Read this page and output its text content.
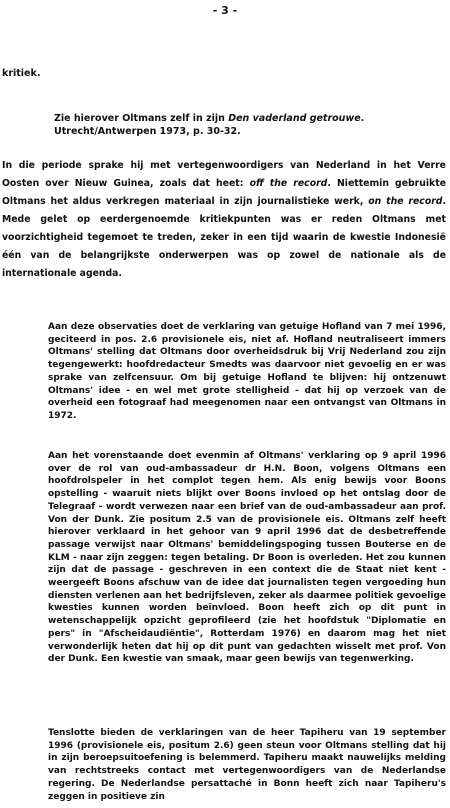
- 3 -
kritiek.
Zie hierover Oltmans zelf in zijn Den vaderland getrouwe. Utrecht/Antwerpen 1973, p. 30-32.
In die periode sprake hij met vertegenwoordigers van Nederland in het Verre Oosten over Nieuw Guinea, zoals dat heet: off the record. Niettemin gebruikte Oltmans het aldus verkregen materiaal in zijn journalistieke werk, on the record. Mede gelet op eerdergenoemde kritiekpunten was er reden Oltmans met voorzichtigheid tegemoet te treden, zeker in een tijd waarin de kwestie Indonesië één van de belangrijkste onderwerpen was op zowel de nationale als de internationale agenda.
Aan deze observaties doet de verklaring van getuige Hofland van 7 mei 1996, geciteerd in pos. 2.6 provisionele eis, niet af. Hofland neutraliseert immers Oltmans' stelling dat Oltmans door overheidsdruk bij Vrij Nederland zou zijn tegengewerkt: hoofdredacteur Smedts was daarvoor niet gevoelig en er was sprake van zelfcensuur. Om bij getuige Hofland te blijven: hij ontzenuwt Oltmans' idee - en wel met grote stelligheid - dat hij op verzoek van de overheid een fotograaf had meegenomen naar een ontvangst van Oltmans in 1972.
Aan het vorenstaande doet evenmin af Oltmans' verklaring op 9 april 1996 over de rol van oud-ambassadeur dr H.N. Boon, volgens Oltmans een hoofdrolspeler in het complot tegen hem. Als enig bewijs voor Boons opstelling - waaruit niets blijkt over Boons invloed op het ontslag door de Telegraaf - wordt verwezen naar een brief van de oud-ambassadeur aan prof. Von der Dunk. Zie positum 2.5 van de provisionele eis. Oltmans zelf heeft hierover verklaard in het gehoor van 9 april 1996 dat de desbetreffende passage verwijst naar Oltmans' bemiddelingspoging tussen Bouterse en de KLM - naar zijn zeggen: tegen betaling. Dr Boon is overleden. Het zou kunnen zijn dat de passage - geschreven in een context die de Staat niet kent - weergeeft Boons afschuw van de idee dat journalisten tegen vergoeding hun diensten verlenen aan het bedrijfsleven, zeker als daarmee politiek gevoelige kwesties kunnen worden beïnvloed. Boon heeft zich op dit punt in wetenschappelijk opzicht geprofileerd (zie het hoofdstuk "Diplomatie en pers" in "Afscheidaudiëntie", Rotterdam 1976) en daarom mag het niet verwonderlijk heten dat hij op dit punt van gedachten wisselt met prof. Von der Dunk. Een kwestie van smaak, maar geen bewijs van tegenwerking.
Tenslotte bieden de verklaringen van de heer Tapiheru van 19 september 1996 (provisionele eis, positum 2.6) geen steun voor Oltmans stelling dat hij in zijn beroepsuitoefening is belemmerd. Tapiheru maakt nauwelijks melding van rechtstreeks contact met vertegenwoordigers van de Nederlandse regering. De Nederlandse persattaché in Bonn heeft zich naar Tapiheru's zeggen in positieve zin
